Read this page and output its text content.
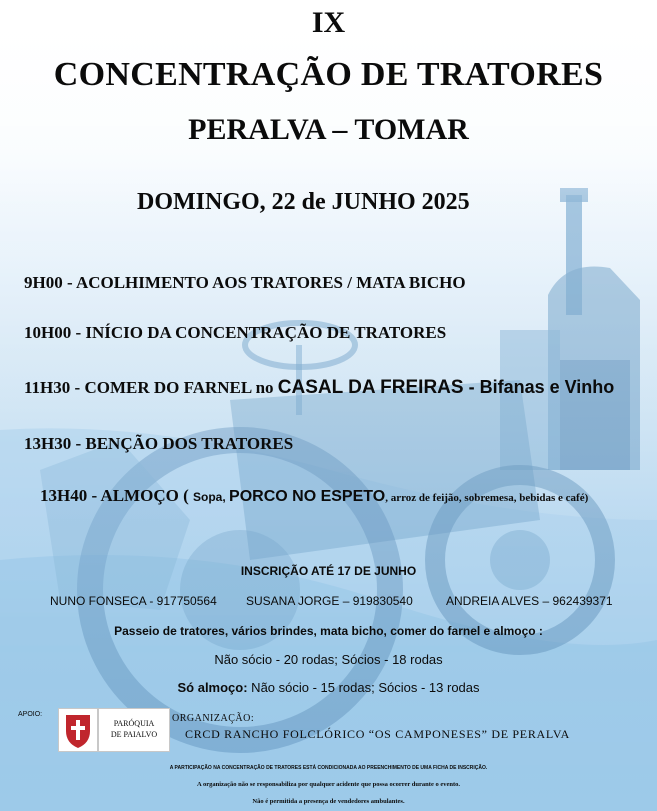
IX
CONCENTRAÇÃO DE TRATORES
PERALVA – TOMAR
DOMINGO, 22 de JUNHO 2025
9H00 - ACOLHIMENTO AOS TRATORES / MATA BICHO
10H00 - INÍCIO DA CONCENTRAÇÃO DE TRATORES
11H30 - COMER DO FARNEL no CASAL DA FREIRAS - Bifanas e Vinho
13H30 - BENÇÃO DOS TRATORES
13H40 - ALMOÇO ( Sopa, PORCO NO ESPETO, arroz de feijão, sobremesa, bebidas e café)
INSCRIÇÃO ATÉ 17 DE JUNHO
NUNO FONSECA - 917750564 SUSANA JORGE – 919830540	ANDREIA ALVES – 962439371
Passeio de tratores, vários brindes, mata bicho, comer do farnel e almoço :
Não sócio - 20 rodas; Sócios - 18 rodas
Só almoço: Não sócio - 15 rodas; Sócios - 13 rodas
APOIO:
PARÓQUIA
DE PAIALVO
ORGANIZAÇÃO:
CRCD RANCHO FOLCLÓRICO “OS CAMPONESES” DE PERALVA
A PARTICIPAÇÃO NA CONCENTRAÇÃO DE TRATORES ESTÁ CONDICIONADA AO PREENCHIMENTO DE UMA FICHA DE INSCRIÇÃO.
A organização não se responsabiliza por qualquer acidente que possa ocorrer durante o evento.
Não é permitida a presença de vendedores ambulantes.
